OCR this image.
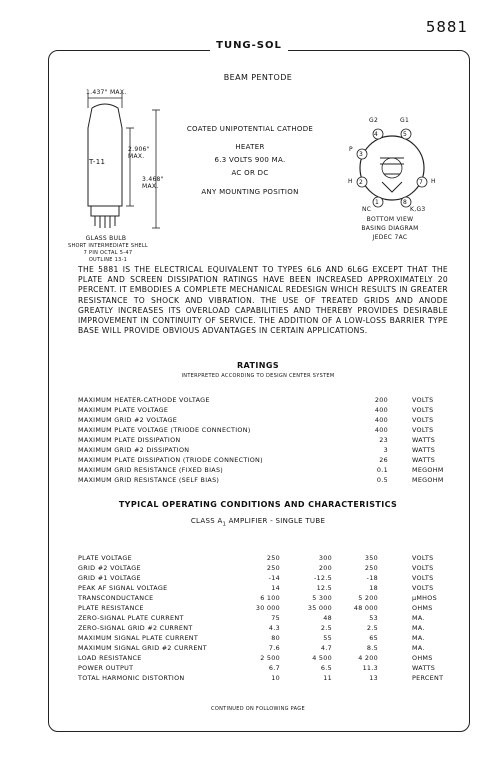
5881
TUNG-SOL
BEAM PENTODE
1.437" MAX.
T-11
2.906" MAX.
3.468" MAX.
GLASS BULB
SHORT INTERMEDIATE SHELL
7 PIN OCTAL 5-47
OUTLINE 13-1
COATED UNIPOTENTIAL CATHODE
HEATER
6.3 VOLTS 900 MA.
AC OR DC
ANY MOUNTING POSITION
4	5
3
2	7
1	8
G2	G1
P
H	H
NC	K,G3
BOTTOM VIEW
BASING DIAGRAM
JEDEC 7AC
THE 5881 IS THE ELECTRICAL EQUIVALENT TO TYPES 6L6 AND 6L6G EXCEPT THAT THE PLATE AND SCREEN DISSIPATION RATINGS HAVE BEEN INCREASED APPROXIMATELY 20 PERCENT. IT EMBODIES A COMPLETE MECHANICAL REDESIGN WHICH RESULTS IN GREATER RESISTANCE TO SHOCK AND VIBRATION. THE USE OF TREATED GRIDS AND ANODE GREATLY INCREASES ITS OVERLOAD CAPABILITIES AND THEREBY PROVIDES DESIRABLE IMPROVEMENT IN CONTINUITY OF SERVICE. THE ADDITION OF A LOW-LOSS BARRIER TYPE BASE WILL PROVIDE OBVIOUS ADVANTAGES IN CERTAIN APPLICATIONS.
RATINGS
INTERPRETED ACCORDING TO DESIGN CENTER SYSTEM
MAXIMUM HEATER-CATHODE VOLTAGE	200	VOLTS
MAXIMUM PLATE VOLTAGE	400	VOLTS
MAXIMUM GRID #2 VOLTAGE	400	VOLTS
MAXIMUM PLATE VOLTAGE (TRIODE CONNECTION)	400	VOLTS
MAXIMUM PLATE DISSIPATION	23	WATTS
MAXIMUM GRID #2 DISSIPATION	3	WATTS
MAXIMUM PLATE DISSIPATION (TRIODE CONNECTION)	26	WATTS
MAXIMUM GRID RESISTANCE (FIXED BIAS)	0.1	MEGOHM
MAXIMUM GRID RESISTANCE (SELF BIAS)	0.5	MEGOHM
TYPICAL OPERATING CONDITIONS AND CHARACTERISTICS
CLASS $A_1$ AMPLIFIER - SINGLE TUBE
PLATE VOLTAGE	250	300	350	VOLTS
GRID #2 VOLTAGE	250	200	250	VOLTS
GRID #1 VOLTAGE	-14	-12.5	-18	VOLTS
PEAK AF SIGNAL VOLTAGE	14	12.5	18	VOLTS
TRANSCONDUCTANCE	6 100	5 300	5 200	μMHOS
PLATE RESISTANCE	30 000	35 000	48 000	OHMS
ZERO-SIGNAL PLATE CURRENT	75	48	53	MA.
ZERO-SIGNAL GRID #2 CURRENT	4.3	2.5	2.5	MA.
MAXIMUM SIGNAL PLATE CURRENT	80	55	65	MA.
MAXIMUM SIGNAL GRID #2 CURRENT	7.6	4.7	8.5	MA.
LOAD RESISTANCE	2 500	4 500	4 200	OHMS
POWER OUTPUT	6.7	6.5	11.3	WATTS
TOTAL HARMONIC DISTORTION	10	11	13	PERCENT
CONTINUED ON FOLLOWING PAGE
